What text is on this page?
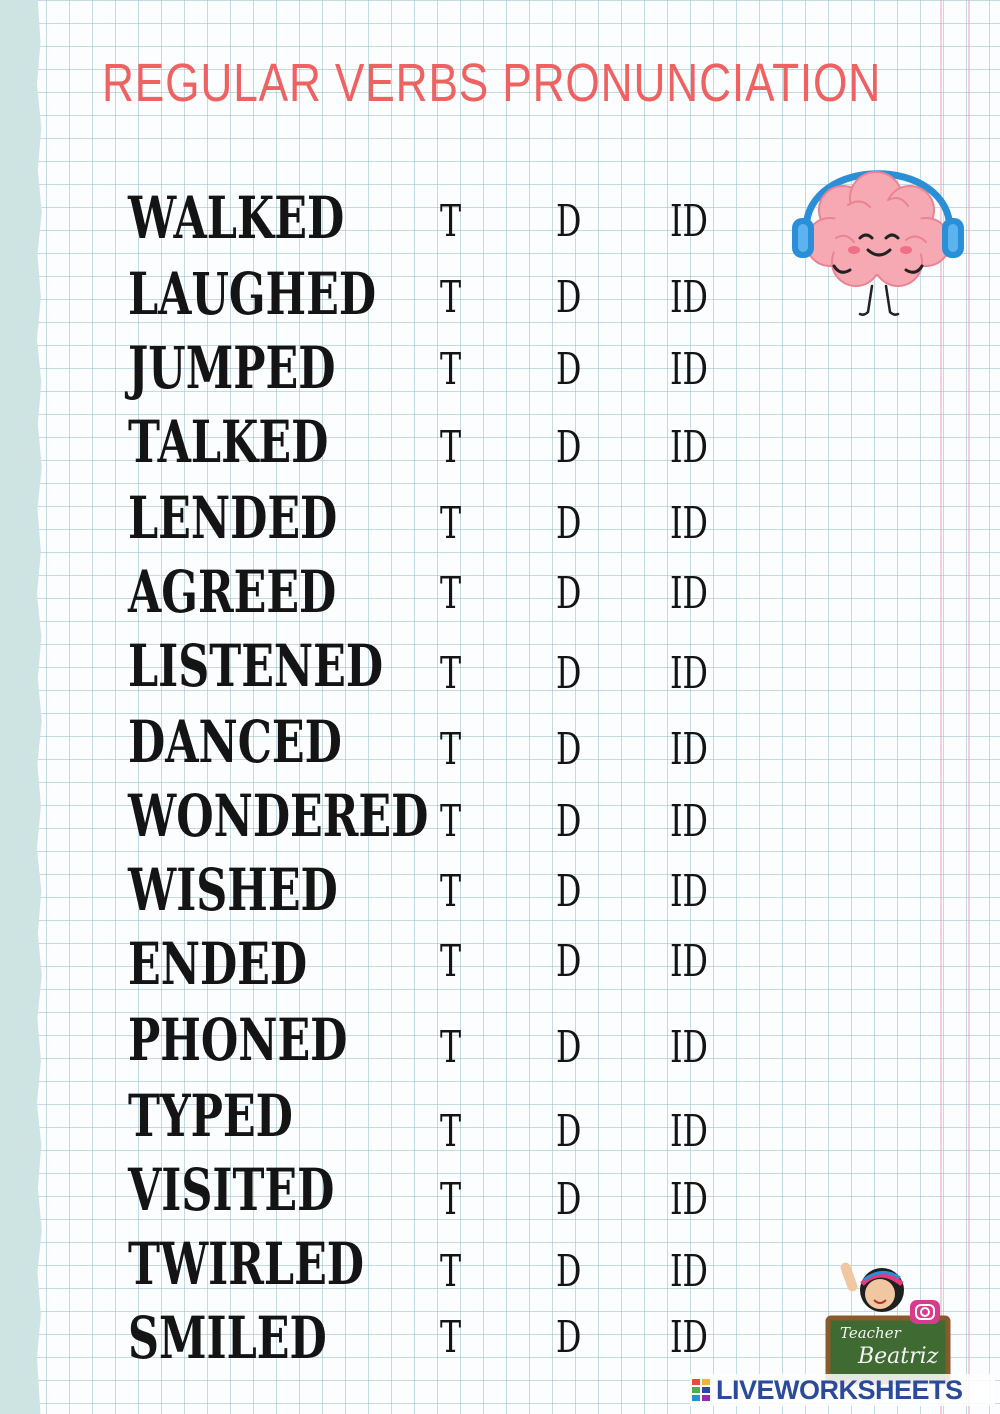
REGULAR VERBS PRONUNCIATION
WALKED T D ID
LAUGHED T D ID
JUMPED T D ID
TALKED	T D ID
LENDED T D ID
AGREED T D ID
LISTENED T D ID
DANCED T D ID
WONDERED T D ID
WISHED T D ID
ENDED	T D ID
PHONED T D ID
TYPED	T D ID
VISITED T D ID
TWIRLED T D ID
SMILED	T D ID	Teacher
Beatriz
LIVEWORKSHEETS
